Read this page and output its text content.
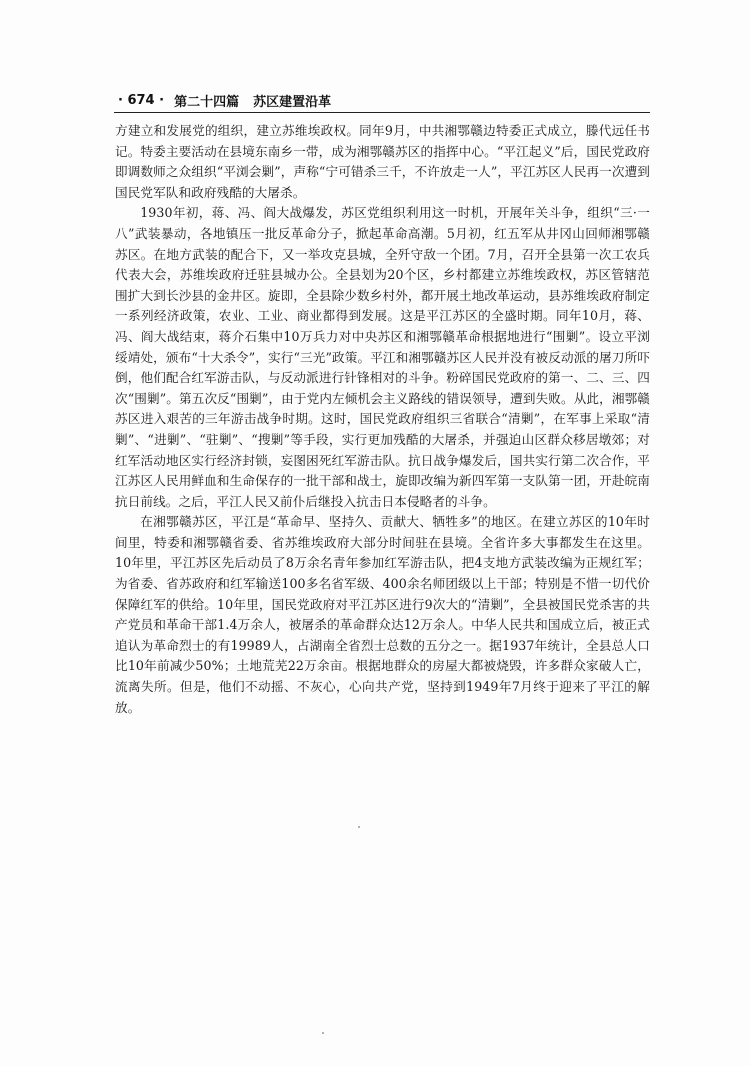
· 674 · 第二十四篇 苏区建置沿革

方建立和发展党的组织，建立苏维埃政权。同年9月，中共湘鄂赣边特委正式成立，滕代远任书记。特委主要活动在县境东南乡一带，成为湘鄂赣苏区的指挥中心。“平江起义”后，国民党政府即调数师之众组织“平浏会剿”，声称“宁可错杀三千，不许放走一人”，平江苏区人民再一次遭到国民党军队和政府残酷的大屠杀。

1930年初，蒋、冯、阎大战爆发，苏区党组织利用这一时机，开展年关斗争，组织“三·一八”武装暴动，各地镇压一批反革命分子，掀起革命高潮。5月初，红五军从井冈山回师湘鄂赣苏区。在地方武装的配合下，又一举攻克县城，全歼守敌一个团。7月，召开全县第一次工农兵代表大会，苏维埃政府迁驻县城办公。全县划为20个区，乡村都建立苏维埃政权，苏区管辖范围扩大到长沙县的金井区。旋即，全县除少数乡村外，都开展土地改革运动，县苏维埃政府制定一系列经济政策，农业、工业、商业都得到发展。这是平江苏区的全盛时期。同年10月，蒋、冯、阎大战结束，蒋介石集中10万兵力对中央苏区和湘鄂赣革命根据地进行“围剿”。设立平浏绥靖处，颁布“十大杀令”，实行“三光”政策。平江和湘鄂赣苏区人民并没有被反动派的屠刀所吓倒，他们配合红军游击队，与反动派进行针锋相对的斗争。粉碎国民党政府的第一、二、三、四次“围剿”。第五次反“围剿”，由于党内左倾机会主义路线的错误领导，遭到失败。从此，湘鄂赣苏区进入艰苦的三年游击战争时期。这时，国民党政府组织三省联合“清剿”，在军事上采取“清剿”、“进剿”、“驻剿”、“搜剿”等手段，实行更加残酷的大屠杀，并强迫山区群众移居墩郊；对红军活动地区实行经济封锁，妄图困死红军游击队。抗日战争爆发后，国共实行第二次合作，平江苏区人民用鲜血和生命保存的一批干部和战士，旋即改编为新四军第一支队第一团，开赴皖南抗日前线。之后，平江人民又前仆后继投入抗击日本侵略者的斗争。

在湘鄂赣苏区，平江是“革命早、坚持久、贡献大、牺牲多”的地区。在建立苏区的10年时间里，特委和湘鄂赣省委、省苏维埃政府大部分时间驻在县境。全省许多大事都发生在这里。10年里，平江苏区先后动员了8万余名青年参加红军游击队，把4支地方武装改编为正规红军；为省委、省苏政府和红军输送100多名省军级、400余名师团级以上干部；特别是不惜一切代价保障红军的供给。10年里，国民党政府对平江苏区进行9次大的“清剿”，全县被国民党杀害的共产党员和革命干部1.4万余人，被屠杀的革命群众达12万余人。中华人民共和国成立后，被正式追认为革命烈士的有19989人，占湖南全省烈士总数的五分之一。据1937年统计，全县总人口比10年前减少50%；土地荒芜22万余亩。根据地群众的房屋大都被烧毁，许多群众家破人亡，流离失所。但是，他们不动摇、不灰心，心向共产党，坚持到1949年7月终于迎来了平江的解放。
